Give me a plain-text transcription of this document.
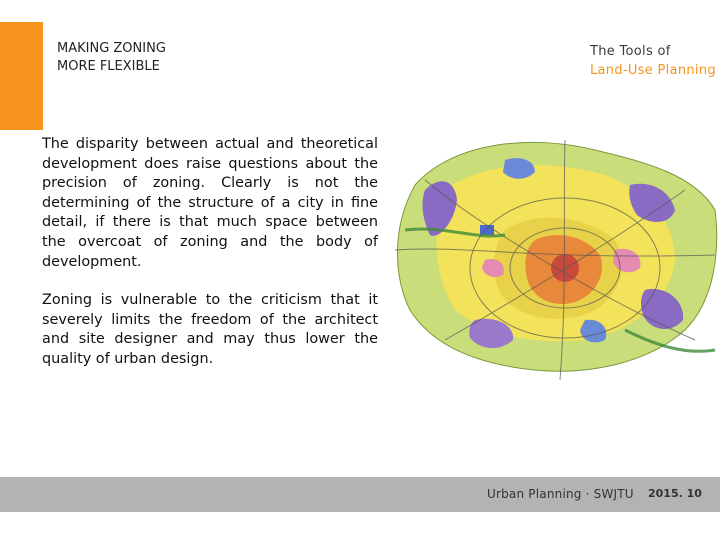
MAKING ZONING
MORE FLEXIBLE
The Tools of
Land-Use Planning

The disparity between actual and theoretical development does raise questions about the precision of zoning. Clearly is not the determining of the structure of a city in fine detail, if there is that much space between the overcoat of zoning and the body of development.

Zoning is vulnerable to the criticism that it severely limits the freedom of the architect and site designer and may thus lower the quality of urban design.

Urban Planning · SWJTU 2015. 10
